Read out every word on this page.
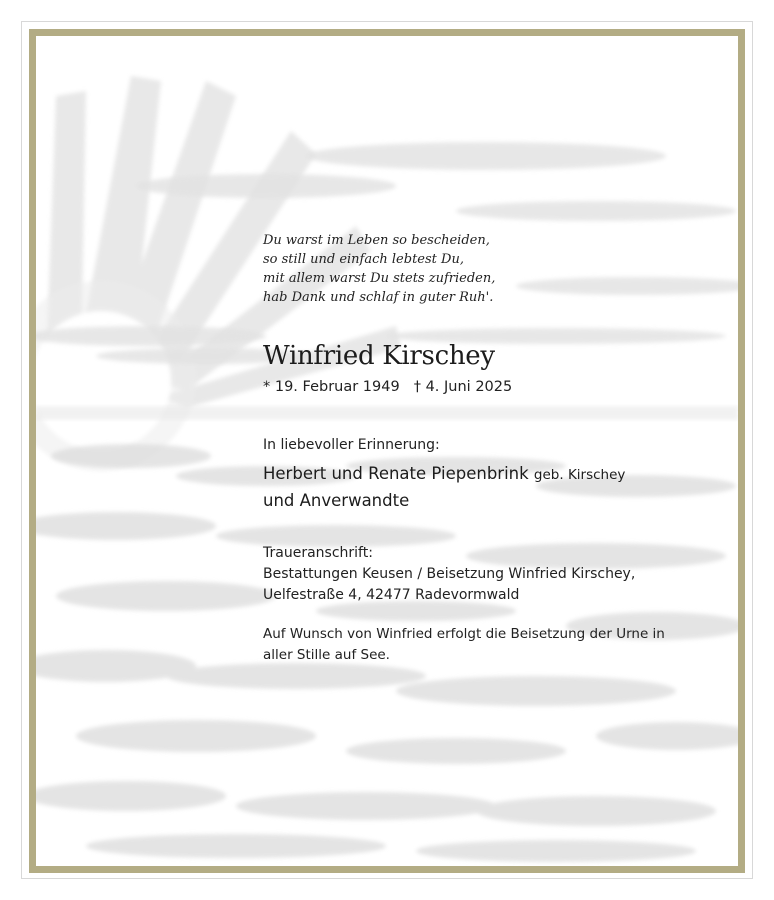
Du warst im Leben so bescheiden,
so still und einfach lebtest Du,
mit allem warst Du stets zufrieden,
hab Dank und schlaf in guter Ruh'.
Winfried Kirschey
* 19. Februar 1949 † 4. Juni 2025
In liebevoller Erinnerung:
Herbert und Renate Piepenbrink geb. Kirschey
und Anverwandte
Traueranschrift:
Bestattungen Keusen / Beisetzung Winfried Kirschey,
Uelfestraße 4, 42477 Radevormwald
Auf Wunsch von Winfried erfolgt die Beisetzung der Urne in aller Stille auf See.
